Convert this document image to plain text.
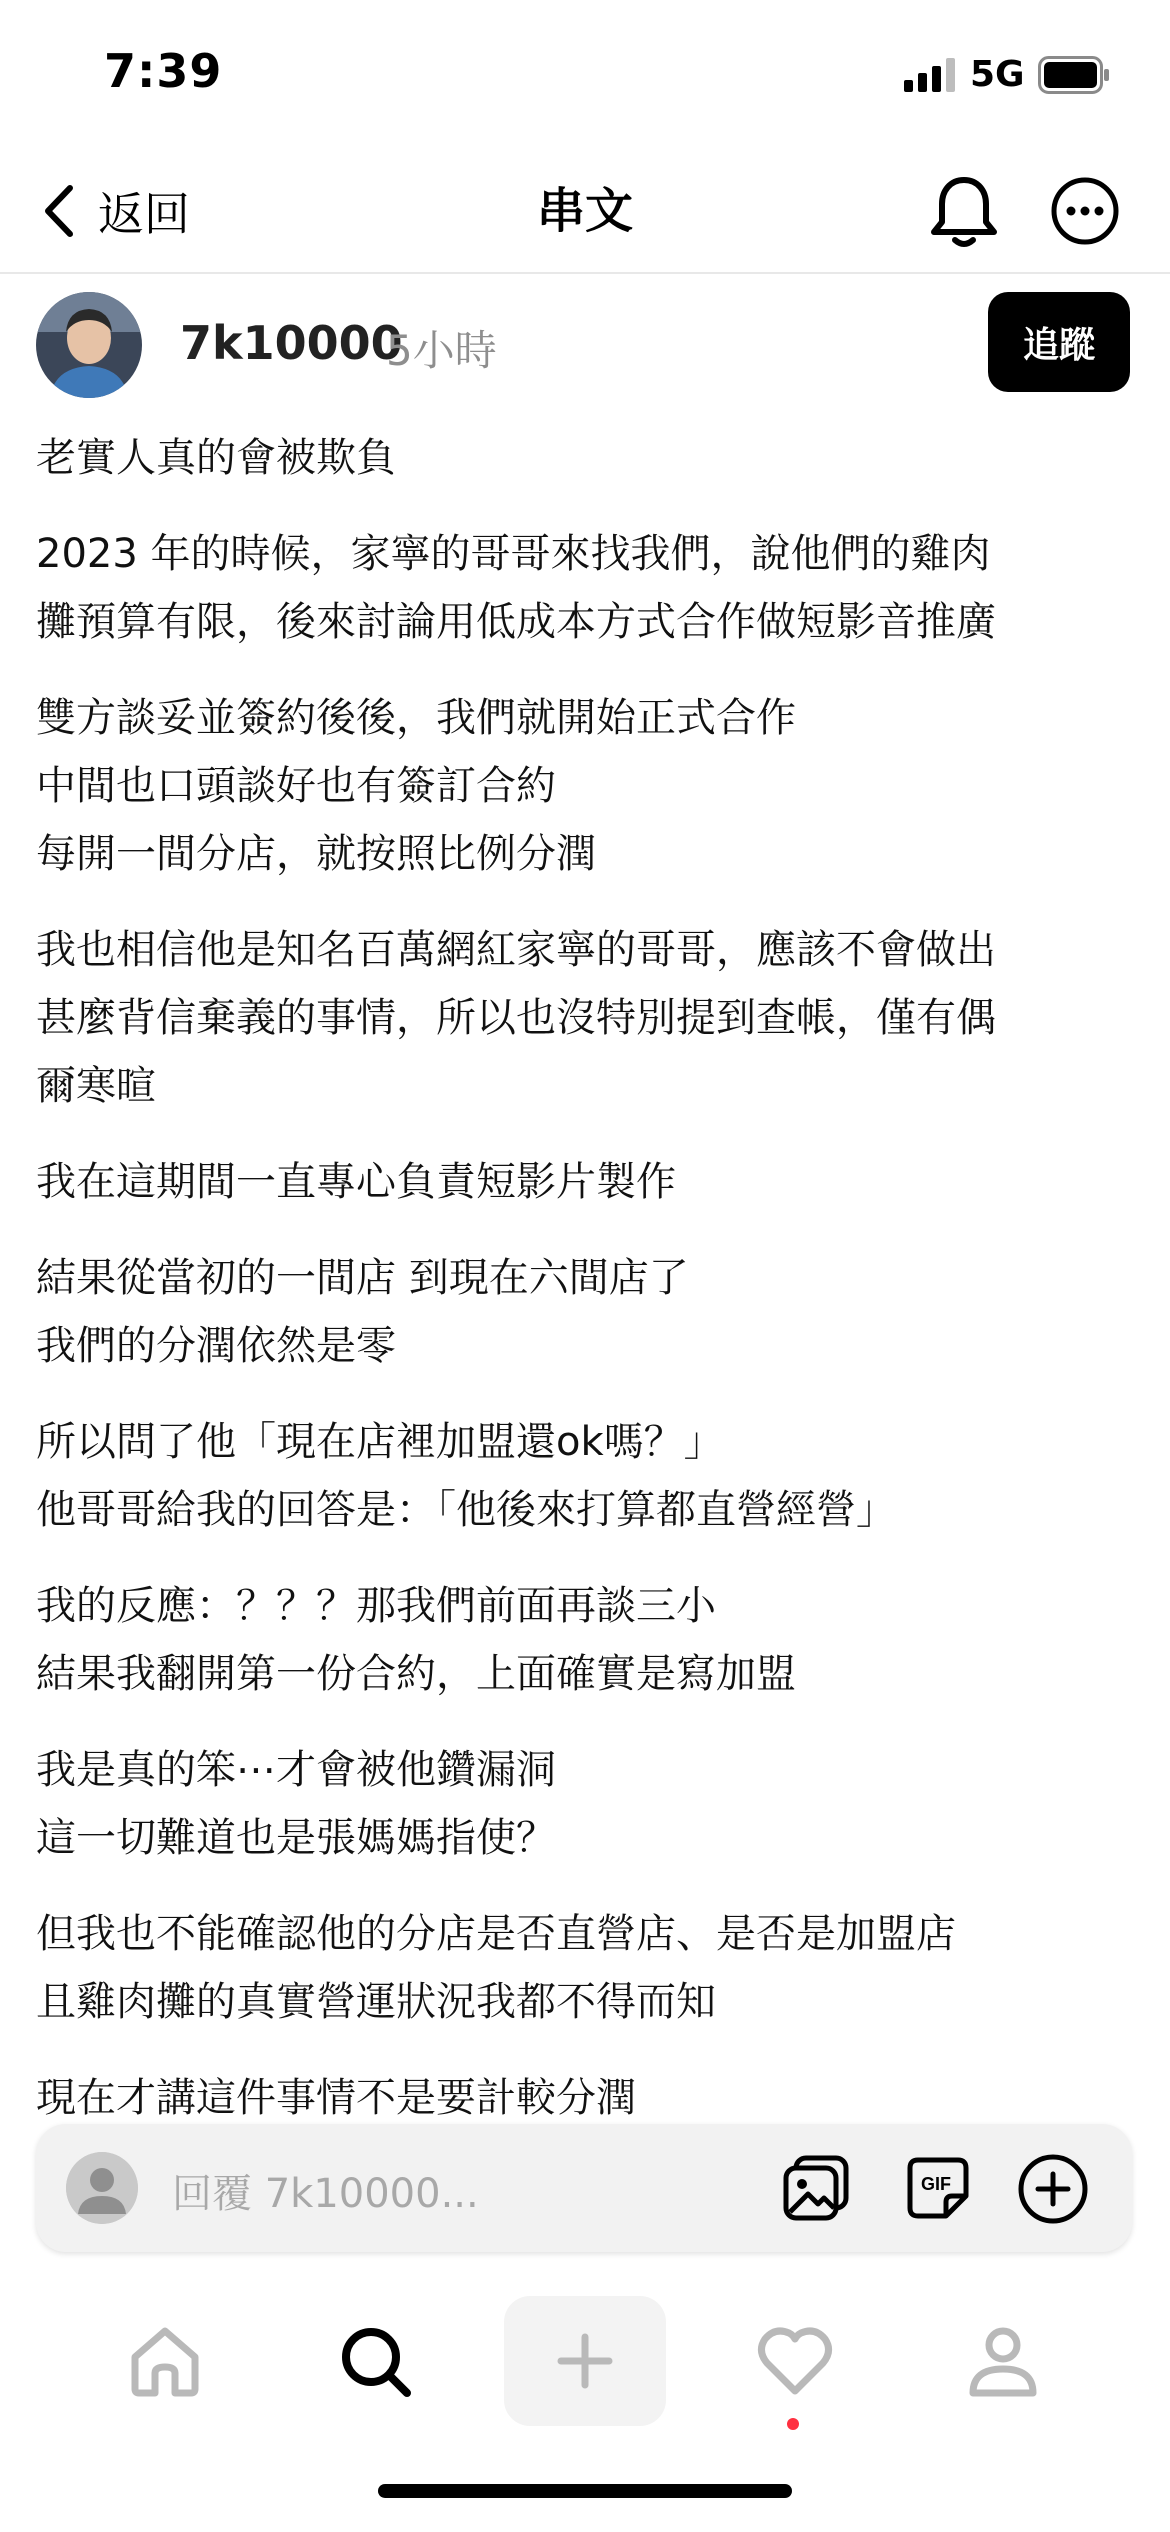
7:39	5G
返回	串文
7k10000
5小時	追蹤

老實人真的會被欺負

2023 年的時候，家寧的哥哥來找我們，說他們的雞肉
攤預算有限，後來討論用低成本方式合作做短影音推廣

雙方談妥並簽約後後，我們就開始正式合作
中間也口頭談好也有簽訂合約
每開一間分店，就按照比例分潤

我也相信他是知名百萬網紅家寧的哥哥，應該不會做出
甚麼背信棄義的事情，所以也沒特別提到查帳，僅有偶
爾寒暄

我在這期間一直專心負責短影片製作

結果從當初的一間店 到現在六間店了
我們的分潤依然是零

所以問了他「現在店裡加盟還ok嗎？」
他哥哥給我的回答是：「他後來打算都直營經營」

我的反應：？？？那我們前面再談三小
結果我翻開第一份合約，上面確實是寫加盟

我是真的笨⋯才會被他鑽漏洞
這一切難道也是張媽媽指使？

但我也不能確認他的分店是否直營店、是否是加盟店
且雞肉攤的真實營運狀況我都不得而知

現在才講這件事情不是要計較分潤

回覆 7k10000...	GIF
